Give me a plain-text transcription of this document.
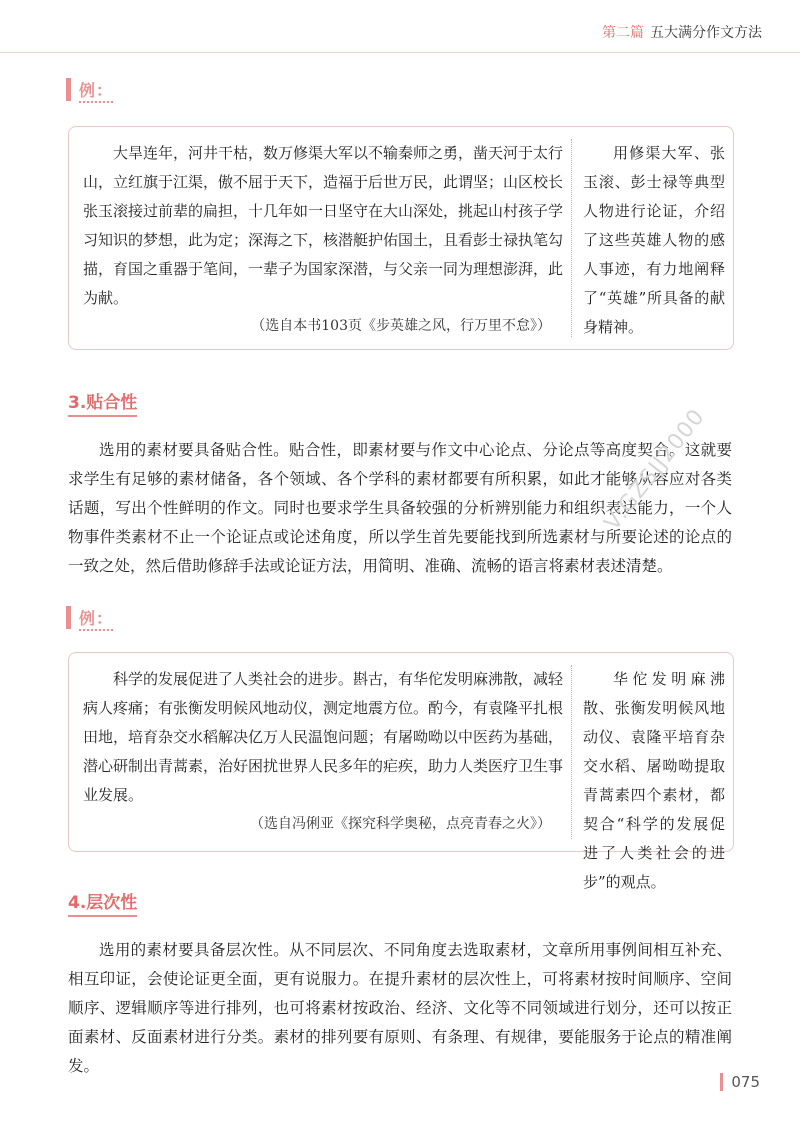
第二篇 五大满分作文方法
例：
大旱连年，河井干枯，数万修渠大军以不输秦师之勇，凿天河于太行山，立红旗于江渠，傲不屈于天下，造福于后世万民，此谓坚；山区校长张玉滚接过前辈的扁担，十几年如一日坚守在大山深处，挑起山村孩子学习知识的梦想，此为定；深海之下，核潜艇护佑国土，且看彭士禄执笔勾描，育国之重器于笔间，一辈子为国家深潜，与父亲一同为理想澎湃，此为献。
（选自本书103页《步英雄之风，行万里不怠》）
用修渠大军、张玉滚、彭士禄等典型人物进行论证，介绍了这些英雄人物的感人事迹，有力地阐释了“英雄”所具备的献身精神。
3.贴合性
选用的素材要具备贴合性。贴合性，即素材要与作文中心论点、分论点等高度契合。这就要求学生有足够的素材储备，各个领域、各个学科的素材都要有所积累，如此才能够从容应对各类话题，写出个性鲜明的作文。同时也要求学生具备较强的分析辨别能力和组织表达能力，一个人物事件类素材不止一个论证点或论述角度，所以学生首先要能找到所选素材与所要论述的论点的一致之处，然后借助修辞手法或论证方法，用简明、准确、流畅的语言将素材表述清楚。
例：
科学的发展促进了人类社会的进步。斟古，有华佗发明麻沸散，减轻病人疼痛；有张衡发明候风地动仪，测定地震方位。酌今，有袁隆平扎根田地，培育杂交水稻解决亿万人民温饱问题；有屠呦呦以中医药为基础，潜心研制出青蒿素，治好困扰世界人民多年的疟疾，助力人类医疗卫生事业发展。
（选自冯俐亚《探究科学奥秘，点亮青春之火》）
华佗发明麻沸散、张衡发明候风地动仪、袁隆平培育杂交水稻、屠呦呦提取青蒿素四个素材，都契合“科学的发展促进了人类社会的进步”的观点。
4.层次性
选用的素材要具备层次性。从不同层次、不同角度去选取素材，文章所用事例间相互补充、相互印证，会使论证更全面，更有说服力。在提升素材的层次性上，可将素材按时间顺序、空间顺序、逻辑顺序等进行排列，也可将素材按政治、经济、文化等不同领域进行划分，还可以按正面素材、反面素材进行分类。素材的排列要有原则、有条理、有规律，要能服务于论点的精准阐发。
V:GZSJJ2000
075
